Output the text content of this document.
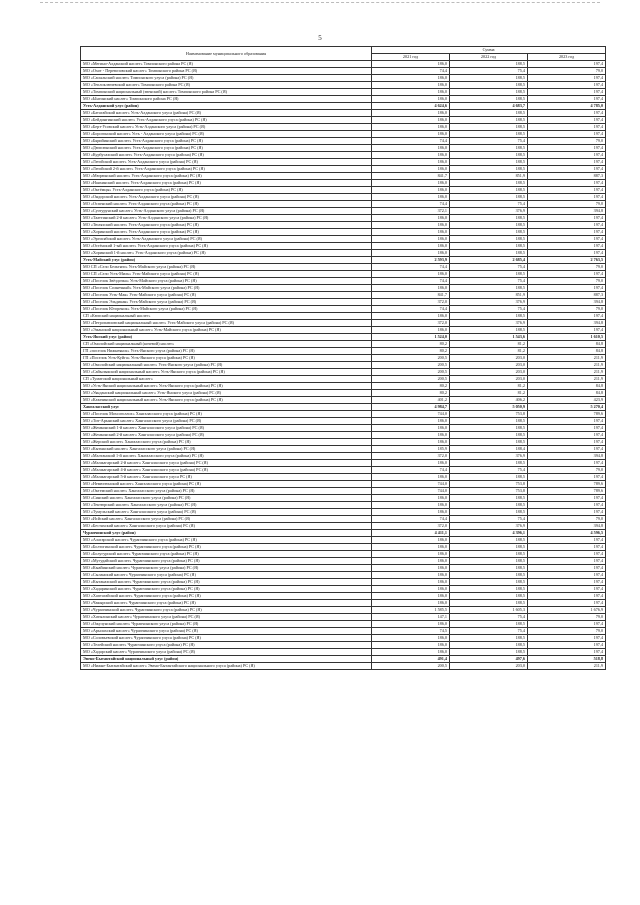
5
Наименование муниципального образования	Сумма		
	2021 год	2022 год	2023 год
МО «Мегино-Алданский наслег» Томпонского района РС (Я)	186,0	188,5	197,4
МО «Охот - Перевозовский наслег» Томпонского района РС (Я)	74,4	75,4	79,0
МО «Сасыльский наслег» Томпонского улуса (района) РС (Я)	186,0	188,5	197,4
МО «Теплоключевский наслег» Томпонского района РС (Я)	186,0	188,5	197,4
МО «Томпонский национальный (эвенский) наслег» Томпонского района РС (Я)	186,0	188,5	197,4
МО «Ынгинский наслег» Томпонского района РС (Я)	186,0	188,5	197,4
Усть-Алданский улус (район)	4 624,6	4 683,7	4 785,0
МО «Батагайский наслег» Усть-Алданского улуса (района) РС (Я)	186,0	188,5	197,4
МО «Бейдингинский наслег» Усть-Алданского улуса (района) РС (Я)	186,0	188,5	197,4
МО «Берт-Усовский наслег» Усть-Алданского улуса (района) РС (Я)	186,0	188,5	197,4
МО «Борогонский наслег» Усть - Алданского улуса (района) РС (Я)	186,0	188,5	197,4
МО «Бярийинский наслег» Усть-Алданского улуса (района) РС (Я)	74,4	75,4	79,0
МО «Дюпсюнский наслег» Усть-Алданского улуса (района) РС (Я)	186,0	188,5	197,4
МО «Курбусахский наслег» Усть-Алданского улуса (района) РС (Я)	186,0	188,5	197,4
МО «Легойский наслег» Усть-Алданского улуса (района) РС (Я)	186,0	188,5	197,4
МО «Легойский 2-й наслег» Усть-Алданского улуса (района) РС (Я)	186,0	188,5	197,4
МО «Мюрюнский наслег» Усть-Алданского улуса (района) РС (Я)	841,7	851,9	887,3
МО «Наяхинский наслег» Усть-Алданского улуса (района) РС (Я)	186,0	188,5	197,4
МО «Октёмцы» Усть-Алданского улуса (района) РС (Я)	186,0	188,5	197,4
МО «Ондорский наслег» Усть-Алданского улуса (района) РС (Я)	186,0	188,5	197,4
МО «Оспенский наслег» Усть-Алданского улуса (района) РС (Я)	74,4	75,4	79,0
МО «Суотурунский наслег» Усть-Алданского улуса (района) РС (Я)	372,1	376,9	394,8
МО «Тааттинский 2-й наслег» Усть-Алданского улуса (района) РС (Я)	186,0	188,5	197,4
МО «Тюляхский наслег» Усть-Алданского улуса (района) РС (Я)	186,0	188,5	197,4
МО «Хоринский наслег» Усть-Алданского улуса (района) РС (Я)	186,0	188,5	197,4
МО «Эргисябский наслег» Усть-Алданского улуса (района) РС (Я)	186,0	188,5	197,4
МО «Остёнский 1-ый наслег» Усть-Алданского улуса (района) РС (Я)	186,0	188,5	197,4
МО «Хоринский 1-й наслег» Усть-Алданского улуса (района) РС (Я)	186,0	188,5	197,4
Усть-Майский улус (район)	2 593,9	2 685,4	2 763,5
МО СП «Село Бельтяги» Усть-Майского улуса (района) РС (Я)	74,4	75,4	79,0
МО СП «Село Усть-Миль» Усть-Майского улуса (района) РС (Я)	186,0	188,5	197,4
МО «Поселок Звёздочка» Усть-Майского улуса (района) РС (Я)	74,4	75,4	79,0
МО «Поселок Солнечный» Усть-Майского улуса (района) РС (Я)	186,0	188,5	197,4
МО «Поселок Усть-Мая» Усть-Майского улуса (района) РС (Я)	841,7	851,9	887,3
МО «Поселок Эльдикан» Усть-Майского улуса (района) РС (Я)	372,0	376,9	394,8
МО «Поселок Югоренок» Усть-Майского улуса (района) РС (Я)	74,4	75,4	79,0
СП «Кюпский национальный наслег»	186,0	188,5	197,4
МО «Петропавловский национальный наслег» Усть-Майского улуса (района) РС (Я)	372,0	376,9	394,8
МО «Эжанский национальный наслег» Усть-Майского улуса (района) РС (Я)	186,0	188,5	197,4
Усть-Янский улус (район)	1 524,0	1 543,6	1 610,5
СП «Омолойский национальный (кочевой) наслег»	80,2	81,2	84,8
ГП «поселок Нижнеянск» Усть-Янского улуса (района) РС (Я)	80,2	81,2	84,8
ГП «Поселок Усть-Куйга» Усть-Янского улуса (района) РС (Я)	200,5	203,0	211,9
МО «Омолойский национальный наслег» Усть-Янского улуса (района) РС (Я)	200,5	203,0	211,9
МО «Сайылыкский национальный наслег» Усть-Янского улуса (района) РС (Я)	200,5	203,0	211,9
СП «Туматский национальный наслег»	200,5	203,0	211,9
МО «Усть-Янский национальный наслег» Усть-Янского улуса (района) РС (Я)	80,2	81,2	84,8
МО «Уянданский национальный наслег» Усть-Янского улуса (района) РС (Я)	80,2	81,2	84,8
МО «Казачинский национальный наслег» Усть-Янского улуса (района) РС (Я)	401,2	406,2	423,9
Хангаласский улус	4 984,7	5 050,9	5 270,4
МО «Поселок Мохсоголлох» Хангаласского улуса (района) РС (Я)	744,0	753,8	789,6
МО «Тит-Арынский наслег» Хангаласского улуса (района) РС (Я)	186,0	188,5	197,4
МО «Жемконский 1-й наслег» Хангаласского улуса (района) РС (Я)	186,0	188,5	197,4
МО «Жемконский 2-й наслег» Хангаласского улуса (района) РС (Я)	186,0	188,5	197,4
МО «Жерский наслег» Хангаласского улуса (района) РС (Я)	186,0	188,5	197,4
МО «Кытыкский наслег» Хангаласского улуса (района) РС (Я)	185,9	188,4	197,4
МО «Малтанский 1-й наслег» Хангаласского улуса (района) РС (Я)	372,0	376,9	394,8
МО «Малжагарский 2-й наслег» Хангаласского улуса (района) РС (Я)	186,0	188,5	197,4
МО «Малжагарский 4-й наслег» Хангаласского улуса (района) РС (Я)	74,4	75,4	79,0
МО «Малжагарский 5-й наслег» Хангаласского улуса РС (Я)	186,0	188,5	197,4
МО «Немюгюнский наслег» Хангаласского улуса (района) РС (Я)	744,0	753,8	789,6
МО «Октемский наслег» Хангаласского улуса (района) РС (Я)	744,0	753,8	789,6
МО «Синский наслег» Хангаласского улуса (района) РС (Я)	186,0	188,5	197,4
МО «Тектюрский наслег» Хангаласского улуса (района) РС (Я)	186,0	188,5	197,4
МО «Тумульский наслег» Хангаласского улуса (района) РС (Я)	186,0	188,5	197,4
МО «Исйский наслег» Хангаласского улуса (района) РС (Я)	74,4	75,4	79,0
МО «Бестяхский наслег» Хангаласского улуса (района) РС (Я)	372,0	376,9	394,8
Чурапчинский улус (район)	4 411,1	4 396,1	4 596,5
МО «Алагарский наслег» Чурапчинского улуса (района) РС (Я)	186,0	188,5	197,4
МО «Болтогинский наслег» Чурапчинского улуса (района) РС (Я)	186,0	188,5	197,4
МО «Болугурский наслег» Чурапчинского улуса (района) РС (Я)	186,0	188,5	197,4
МО «Мугудайский наслег» Чурапчинского улуса (района) РС (Я)	186,0	188,5	197,4
МО «Кыайинский наслег» Чурапчинского улуса (района) РС (Я)	186,0	188,5	197,4
МО «Сыланский наслег» Чурапчинского улуса (района) РС (Я)	186,0	188,5	197,4
МО «Кытанахский наслег» Чурапчинского улуса (района) РС (Я)	186,0	188,5	197,4
МО «Хадаринский наслег» Чурапчинского улуса (района) РС (Я)	186,0	188,5	197,4
МО «Хаптагайский наслег» Чурапчинского улуса (района) РС (Я)	186,0	188,5	197,4
МО «Чакырский наслег» Чурапчинского улуса (района) РС (Я)	186,0	188,5	197,4
МО «Чурапчинский наслег» Чурапчинского улуса (района) РС (Я)	1 585,5	1 605,3	1 676,9
МО «Хатылинский наслег» Чурапчинского улуса (района) РС (Я)	147,1	75,4	79,0
МО «Ожулунский наслег» Чурапчинского улуса (района) РС (Я)	186,0	188,5	197,4
МО «Арылахский наслег» Чурапчинского улуса (района) РС (Я)	74,5	75,4	79,0
МО «Соловьевский наслег» Чурапчинского улуса (района) РС (Я)	186,0	188,5	197,4
МО «Телейский наслег» Чурапчинского улуса (района) РС (Я)	186,0	188,5	197,4
МО «Хадарский наслег» Чурапчинского улуса (района) РС (Я)	186,0	188,5	197,4
Эвено-Бытантайский национальный улус (район)	491,4	497,6	518,8
МО «Нижне-Бытантайский наслег» Эвено-Бытантайского национального улуса (района) РС (Я)	200,5	203,0	211,9
